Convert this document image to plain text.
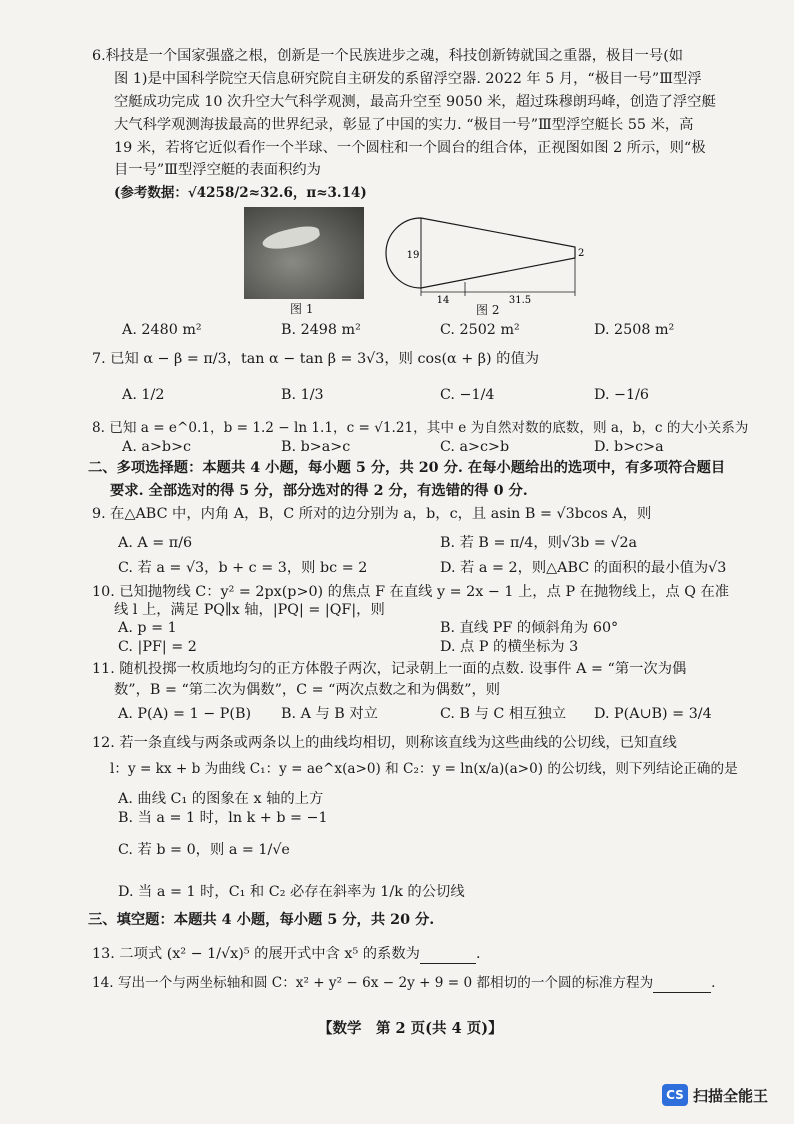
6.科技是一个国家强盛之根，创新是一个民族进步之魂，科技创新铸就国之重器，极目一号(如
图 1)是中国科学院空天信息研究院自主研发的系留浮空器. 2022 年 5 月，“极目一号”Ⅲ型浮
空艇成功完成 10 次升空大气科学观测，最高升空至 9050 米，超过珠穆朗玛峰，创造了浮空艇
大气科学观测海拔最高的世界纪录，彰显了中国的实力. “极目一号”Ⅲ型浮空艇长 55 米，高
19 米，若将它近似看作一个半球、一个圆柱和一个圆台的组合体，正视图如图 2 所示，则“极
目一号”Ⅲ型浮空艇的表面积约为
(参考数据：√4258/2≈32.6，π≈3.14)
图 1
19	2
14	31.5
图 2
A. 2480 m²	B. 2498 m²	C. 2502 m²	D. 2508 m²
7. 已知 α − β = π/3，tan α − tan β = 3√3，则 cos(α + β) 的值为
A. 1/2	B. 1/3	C. −1/4	D. −1/6
8. 已知 a = e^0.1，b = 1.2 − ln 1.1，c = √1.21，其中 e 为自然对数的底数，则 a，b，c 的大小关系为
A. a>b>c	B. b>a>c	C. a>c>b	D. b>c>a
二、多项选择题：本题共 4 小题，每小题 5 分，共 20 分. 在每小题给出的选项中，有多项符合题目
要求. 全部选对的得 5 分，部分选对的得 2 分，有选错的得 0 分.
9. 在△ABC 中，内角 A，B，C 所对的边分别为 a，b，c，且 asin B = √3bcos A，则
A. A = π/6	B. 若 B = π/4，则√3b = √2a
C. 若 a = √3，b + c = 3，则 bc = 2	D. 若 a = 2，则△ABC 的面积的最小值为√3
10. 已知抛物线 C：y² = 2px(p>0) 的焦点 F 在直线 y = 2x − 1 上，点 P 在抛物线上，点 Q 在准
线 l 上，满足 PQ∥x 轴，|PQ| = |QF|，则
A. p = 1	B. 直线 PF 的倾斜角为 60°
C. |PF| = 2	D. 点 P 的横坐标为 3
11. 随机投掷一枚质地均匀的正方体骰子两次，记录朝上一面的点数. 设事件 A = “第一次为偶
数”，B = “第二次为偶数”，C = “两次点数之和为偶数”，则
A. P(A) = 1 − P(B) B. A 与 B 对立	C. B 与 C 相互独立 D. P(A∪B) = 3/4
12. 若一条直线与两条或两条以上的曲线均相切，则称该直线为这些曲线的公切线，已知直线
l：y = kx + b 为曲线 C₁：y = ae^x(a>0) 和 C₂：y = ln(x/a)(a>0) 的公切线，则下列结论正确的是
A. 曲线 C₁ 的图象在 x 轴的上方
B. 当 a = 1 时，ln k + b = −1
C. 若 b = 0，则 a = 1/√e
D. 当 a = 1 时，C₁ 和 C₂ 必存在斜率为 1/k 的公切线
三、填空题：本题共 4 小题，每小题 5 分，共 20 分.
13. 二项式 (x² − 1/√x)⁵ 的展开式中含 x⁵ 的系数为	.
14. 写出一个与两坐标轴和圆 C：x² + y² − 6x − 2y + 9 = 0 都相切的一个圆的标准方程为	.
【数学　第 2 页(共 4 页)】
CS 扫描全能王
